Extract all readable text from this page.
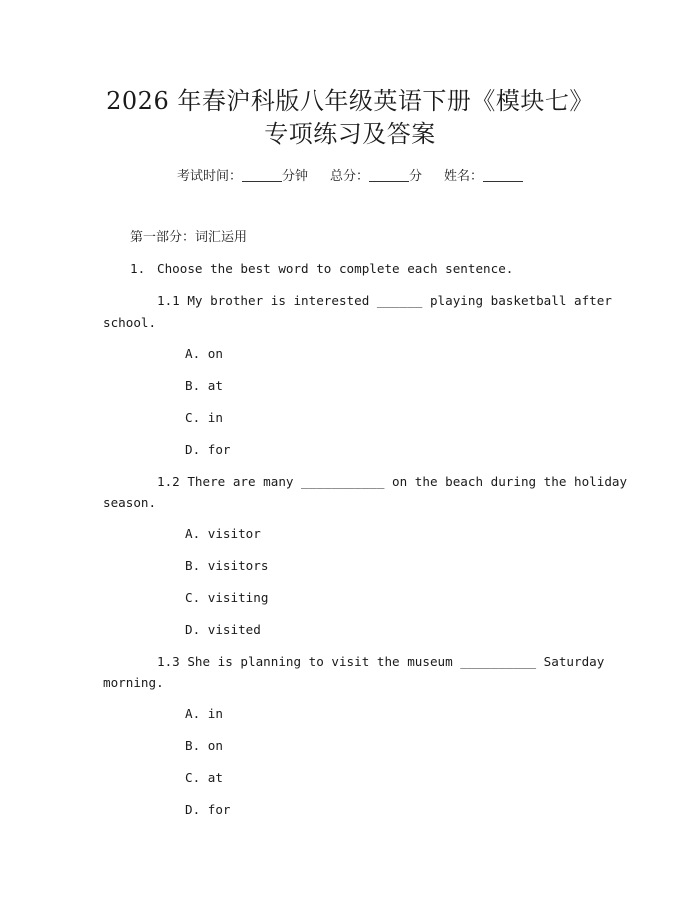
2026 年春沪科版八年级英语下册《模块七》
专项练习及答案
考试时间：	分钟 总分：	分 姓名：
第一部分：词汇运用
1. Choose the best word to complete each sentence.
1.1 My brother is interested ______ playing basketball after
school.
A. on
B. at
C. in
D. for
1.2 There are many ___________ on the beach during the holiday
season.
A. visitor
B. visitors
C. visiting
D. visited
1.3 She is planning to visit the museum __________ Saturday
morning.
A. in
B. on
C. at
D. for
